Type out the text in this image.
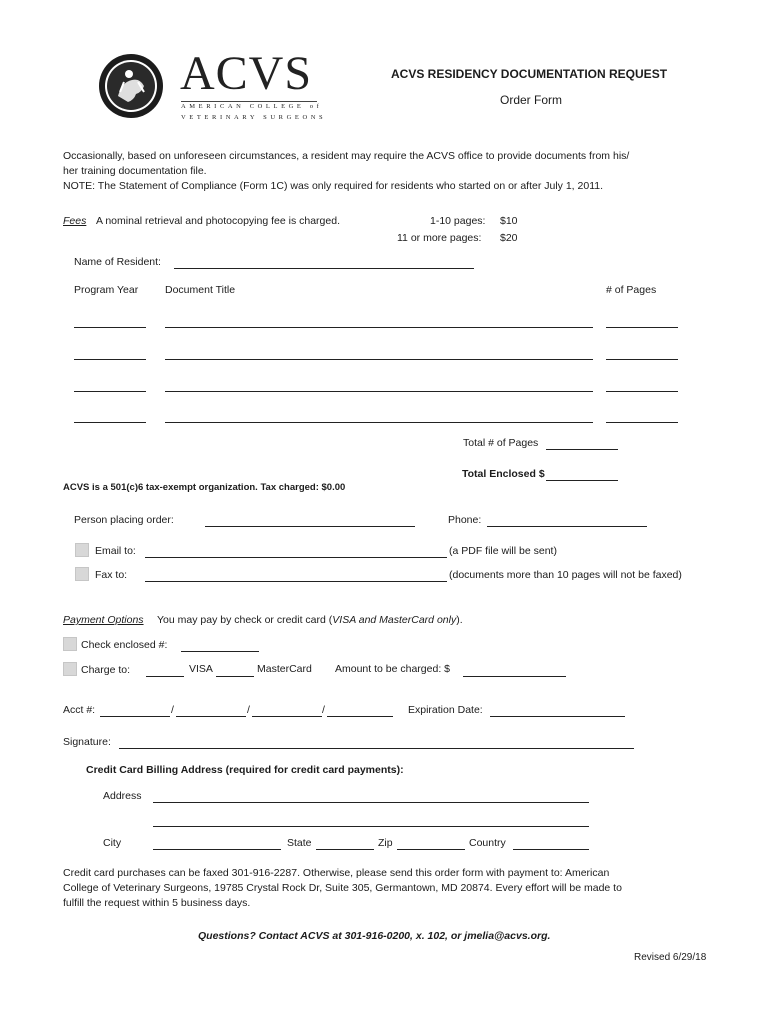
ACVS
AMERICAN COLLEGE of
VETERINARY SURGEONS
ACVS RESIDENCY DOCUMENTATION REQUEST
Order Form
Occasionally, based on unforeseen circumstances, a resident may require the ACVS office to provide documents from his/
her training documentation file.
NOTE: The Statement of Compliance (Form 1C) was only required for residents who started on or after July 1, 2011.
Fees A nominal retrieval and photocopying fee is charged.	1-10 pages: $10
11 or more pages: $20
Name of Resident:
Program Year	Document Title	# of Pages
Total # of Pages
Total Enclosed $
ACVS is a 501(c)6 tax-exempt organization. Tax charged: $0.00
Person placing order:	Phone:
Email to:	(a PDF file will be sent)
Fax to:	(documents more than 10 pages will not be faxed)
Payment Options You may pay by check or credit card (VISA and MasterCard only).
Check enclosed #:
Charge to:	VISA	MasterCard Amount to be charged: $
Acct #:	/	/	/	Expiration Date:
Signature:
Credit Card Billing Address (required for credit card payments):
Address
City	State	Zip	Country
Credit card purchases can be faxed 301-916-2287. Otherwise, please send this order form with payment to: American
College of Veterinary Surgeons, 19785 Crystal Rock Dr, Suite 305, Germantown, MD 20874. Every effort will be made to
fulfill the request within 5 business days.
Questions? Contact ACVS at 301-916-0200, x. 102, or jmelia@acvs.org.
Revised 6/29/18
